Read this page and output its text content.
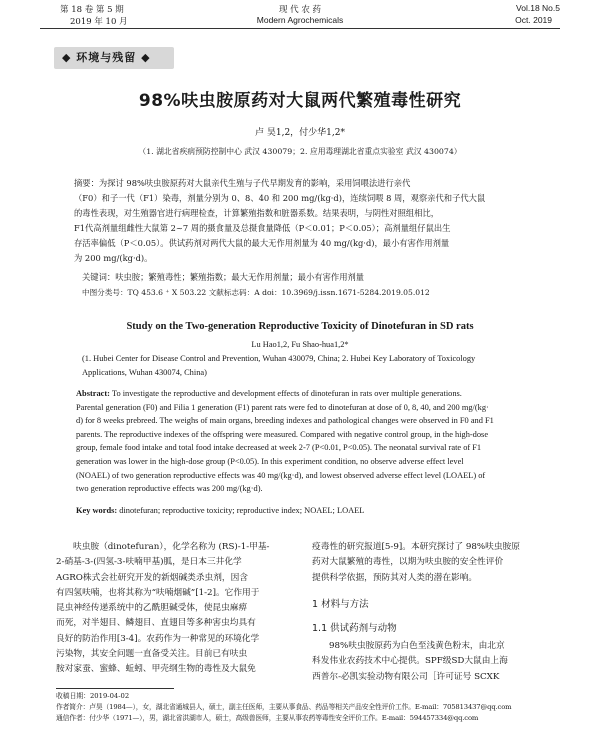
第 18 卷 第 5 期
2019 年 10 月
现 代 农 药
Modern Agrochemicals
Vol.18 No.5
Oct. 2019
◆ 环境与残留 ◆
98%呋虫胺原药对大鼠两代繁殖毒性研究
卢 昊1,2，付少华1,2*
（1. 湖北省疾病预防控制中心 武汉 430079；2. 应用毒理湖北省重点实验室 武汉 430074）
摘要：为探讨 98%呋虫胺原药对大鼠亲代生殖与子代早期发育的影响，采用饲喂法进行亲代
（F0）和子一代（F1）染毒，剂量分别为 0、8、40 和 200 mg/(kg·d)，连续饲喂 8 周，观察亲代和子代大鼠
的毒性表现，对生殖器官进行病理检查，计算繁殖指数和脏器系数。结果表明，与阴性对照组相比，
F1代高剂量组雌性大鼠第 2~7 周的摄食量及总摄食量降低（P＜0.01；P＜0.05）；高剂量组仔鼠出生
存活率偏低（P＜0.05）。供试药剂对两代大鼠的最大无作用剂量为 40 mg/(kg·d)，最小有害作用剂量
为 200 mg/(kg·d)。
关键词：呋虫胺；繁殖毒性；繁殖指数；最大无作用剂量；最小有害作用剂量
中图分类号：TQ 453.6 ⁺ X 503.22 文献标志码：A doi：10.3969/j.issn.1671-5284.2019.05.012
Study on the Two-generation Reproductive Toxicity of Dinotefuran in SD rats
Lu Hao1,2, Fu Shao-hua1,2*
(1. Hubei Center for Disease Control and Prevention, Wuhan 430079, China; 2. Hubei Key Laboratory of Toxicology
Applications, Wuhan 430074, China)
Abstract: To investigate the reproductive and development effects of dinotefuran in rats over multiple generations.
Parental generation (F0) and Filia 1 generation (F1) parent rats were fed to dinotefuran at dose of 0, 8, 40, and 200 mg/(kg·
d) for 8 weeks prebreed. The weighs of main organs, breeding indexes and pathological changes were observed in F0 and F1
parents. The reproductive indexes of the offspring were measured. Compared with negative control group, in the high-dose
group, female food intake and total food intake decreased at week 2-7 (P<0.01, P<0.05). The neonatal survival rate of F1
generation was lower in the high-dose group (P<0.05). In this experiment condition, no observe adverse effect level
(NOAEL) of two generation reproductive effects was 40 mg/(kg·d), and lowest observed adverse effect level (LOAEL) of
two generation reproductive effects was 200 mg/(kg·d).
Key words: dinotefuran; reproductive toxicity; reproductive index; NOAEL; LOAEL
呋虫胺（dinotefuran），化学名称为 (RS)-1-甲基-
2-硝基-3-(四氢-3-呋喃甲基)胍，是日本三井化学
AGRO株式会社研究开发的新烟碱类杀虫剂，因含
有四氢呋喃，也将其称为“呋喃烟碱”[1-2]。它作用于
昆虫神经传递系统中的乙酰胆碱受体，使昆虫麻痹
而死，对半翅目、鳞翅目、直翅目等多种害虫均具有
良好的防治作用[3-4]。农药作为一种常见的环境化学
污染物，其安全问题一直备受关注。目前已有呋虫
胺对家蚕、蜜蜂、蚯蚓、甲壳纲生物的毒性及大鼠免
疫毒性的研究报道[5-9]。本研究探讨了 98%呋虫胺原
药对大鼠繁殖的毒性，以期为呋虫胺的安全性评价
提供科学依据，预防其对人类的潜在影响。
1 材料与方法
1.1 供试药剂与动物
98%呋虫胺原药为白色至浅黄色粉末，由北京
科发伟业农药技术中心提供。SPF级SD大鼠由上海
西普尔-必凯实验动物有限公司［许可证号 SCXK
收稿日期：2019-04-02
作者简介：卢昊（1984—），女，湖北省通城县人，硕士，副主任医师，主要从事食品、药品等相关产品安全性评价工作。E-mail：705813437@qq.com
通信作者：付少华（1971—），男，湖北省洪湖市人，硕士，高级兽医师，主要从事农药等毒性安全评价工作。E-mail：594457334@qq.com
